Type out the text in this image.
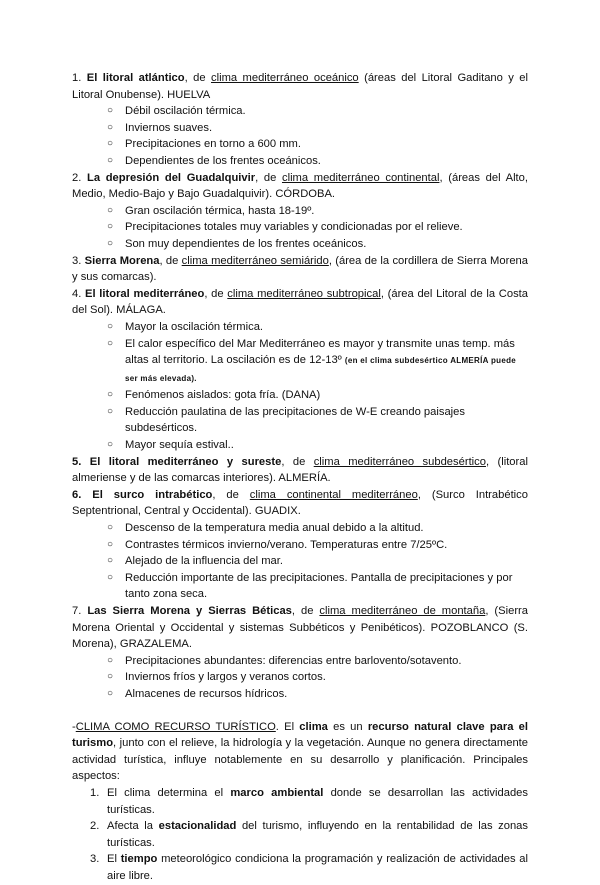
1. El litoral atlántico, de clima mediterráneo oceánico (áreas del Litoral Gaditano y el Litoral Onubense). HUELVA

○ Débil oscilación térmica.
○ Inviernos suaves.
○ Precipitaciones en torno a 600 mm.
○ Dependientes de los frentes oceánicos.

2. La depresión del Guadalquivir, de clima mediterráneo continental, (áreas del Alto, Medio, Medio-Bajo y Bajo Guadalquivir). CÓRDOBA.

○ Gran oscilación térmica, hasta 18-19º.
○ Precipitaciones totales muy variables y condicionadas por el relieve.
○ Son muy dependientes de los frentes oceánicos.

3. Sierra Morena, de clima mediterráneo semiárido, (área de la cordillera de Sierra Morena y sus comarcas).

4. El litoral mediterráneo, de clima mediterráneo subtropical, (área del Litoral de la Costa del Sol). MÁLAGA.

○ Mayor la oscilación térmica.
○ El calor específico del Mar Mediterráneo es mayor y transmite unas temp. más altas al territorio. La oscilación es de 12-13º (en el clima subdesértico ALMERÍA puede ser más elevada).
○ Fenómenos aislados: gota fría. (DANA)
○ Reducción paulatina de las precipitaciones de W-E creando paisajes subdesérticos.
○ Mayor sequía estival..

5. El litoral mediterráneo y sureste, de clima mediterráneo subdesértico, (litoral almeriense y de las comarcas interiores). ALMERÍA.

6. El surco intrabético, de clima continental mediterráneo, (Surco Intrabético Septentrional, Central y Occidental). GUADIX.

○ Descenso de la temperatura media anual debido a la altitud.
○ Contrastes térmicos invierno/verano. Temperaturas entre 7/25ºC.
○ Alejado de la influencia del mar.
○ Reducción importante de las precipitaciones. Pantalla de precipitaciones y por tanto zona seca.

7. Las Sierra Morena y Sierras Béticas, de clima mediterráneo de montaña, (Sierra Morena Oriental y Occidental y sistemas Subbéticos y Penibéticos). POZOBLANCO (S. Morena), GRAZALEMA.

○ Precipitaciones abundantes: diferencias entre barlovento/sotavento.
○ Inviernos fríos y largos y veranos cortos.
○ Almacenes de recursos hídricos.

-CLIMA COMO RECURSO TURÍSTICO. El clima es un recurso natural clave para el turismo, junto con el relieve, la hidrología y la vegetación. Aunque no genera directamente actividad turística, influye notablemente en su desarrollo y planificación. Principales aspectos:

1. El clima determina el marco ambiental donde se desarrollan las actividades turísticas.
2. Afecta la estacionalidad del turismo, influyendo en la rentabilidad de las zonas turísticas.
3. El tiempo meteorológico condiciona la programación y realización de actividades al aire libre.
